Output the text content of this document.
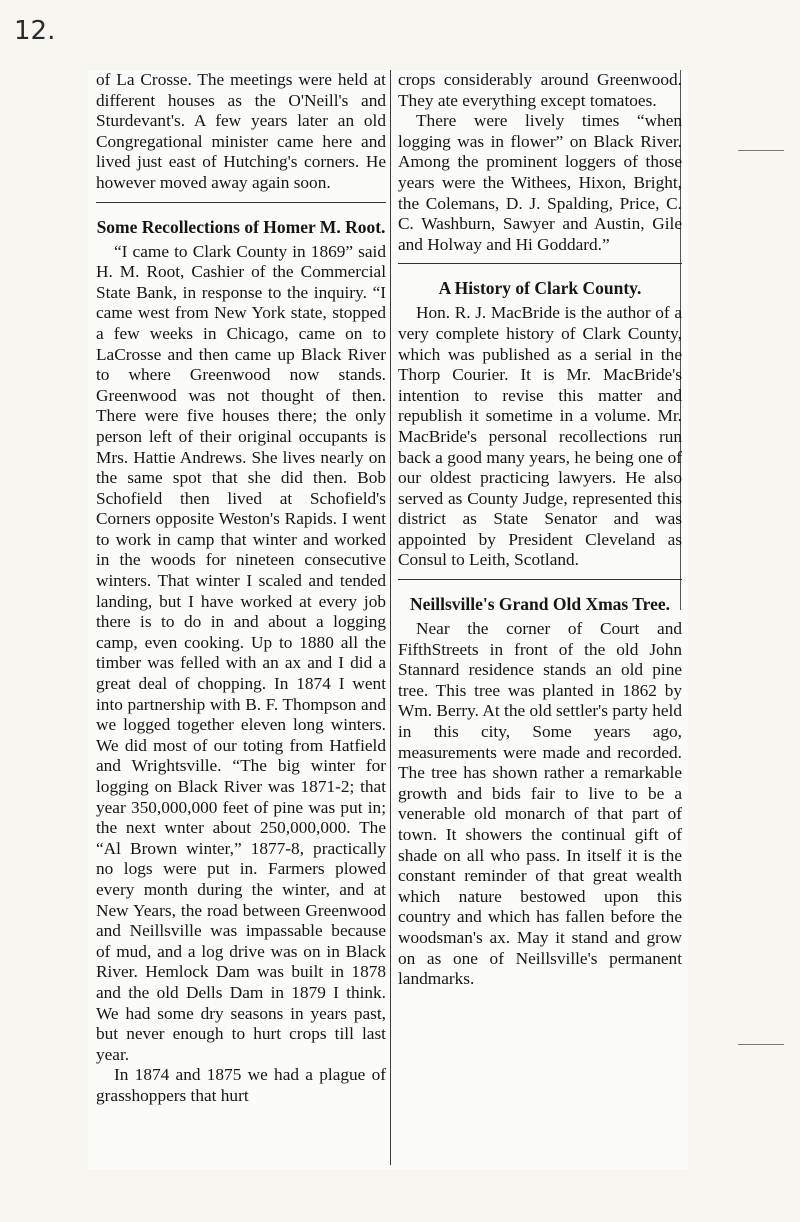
12.

of La Crosse. The meetings were held at different houses as the O'Neill's and Sturdevant's. A few years later an old Congregational minister came here and lived just east of Hutching's corners. He however moved away again soon.

Some Recollections of Homer M. Root.

“I came to Clark County in 1869” said H. M. Root, Cashier of the Commercial State Bank, in response to the inquiry. “I came west from New York state, stopped a few weeks in Chicago, came on to LaCrosse and then came up Black River to where Greenwood now stands. Greenwood was not thought of then. There were five houses there; the only person left of their original occupants is Mrs. Hattie Andrews. She lives nearly on the same spot that she did then. Bob Schofield then lived at Schofield's Corners opposite Weston's Rapids. I went to work in camp that winter and worked in the woods for nineteen consecutive winters. That winter I scaled and tended landing, but I have worked at every job there is to do in and about a logging camp, even cooking. Up to 1880 all the timber was felled with an ax and I did a great deal of chopping. In 1874 I went into partnership with B. F. Thompson and we logged together eleven long winters. We did most of our toting from Hatfield and Wrightsville. “The big winter for logging on Black River was 1871-2; that year 350,000,000 feet of pine was put in; the next wnter about 250,000,000. The “Al Brown winter,” 1877-8, practically no logs were put in. Farmers plowed every month during the winter, and at New Years, the road between Greenwood and Neillsville was impassable because of mud, and a log drive was on in Black River. Hemlock Dam was built in 1878 and the old Dells Dam in 1879 I think. We had some dry seasons in years past, but never enough to hurt crops till last year.

In 1874 and 1875 we had a plague of grasshoppers that hurt

crops considerably around Greenwood. They ate everything except tomatoes.

There were lively times “when logging was in flower” on Black River. Among the prominent loggers of those years were the Withees, Hixon, Bright, the Colemans, D. J. Spalding, Price, C. C. Washburn, Sawyer and Austin, Gile and Holway and Hi Goddard.”

A History of Clark County.

Hon. R. J. MacBride is the author of a very complete history of Clark County, which was published as a serial in the Thorp Courier. It is Mr. MacBride's intention to revise this matter and republish it sometime in a volume. Mr. MacBride's personal recollections run back a good many years, he being one of our oldest practicing lawyers. He also served as County Judge, represented this district as State Senator and was appointed by President Cleveland as Consul to Leith, Scotland.

Neillsville's Grand Old Xmas Tree.

Near the corner of Court and FifthStreets in front of the old John Stannard residence stands an old pine tree. This tree was planted in 1862 by Wm. Berry. At the old settler's party held in this city, Some years ago, measurements were made and recorded. The tree has shown rather a remarkable growth and bids fair to live to be a venerable old monarch of that part of town. It showers the continual gift of shade on all who pass. In itself it is the constant reminder of that great wealth which nature bestowed upon this country and which has fallen before the woodsman's ax. May it stand and grow on as one of Neillsville's permanent landmarks.
